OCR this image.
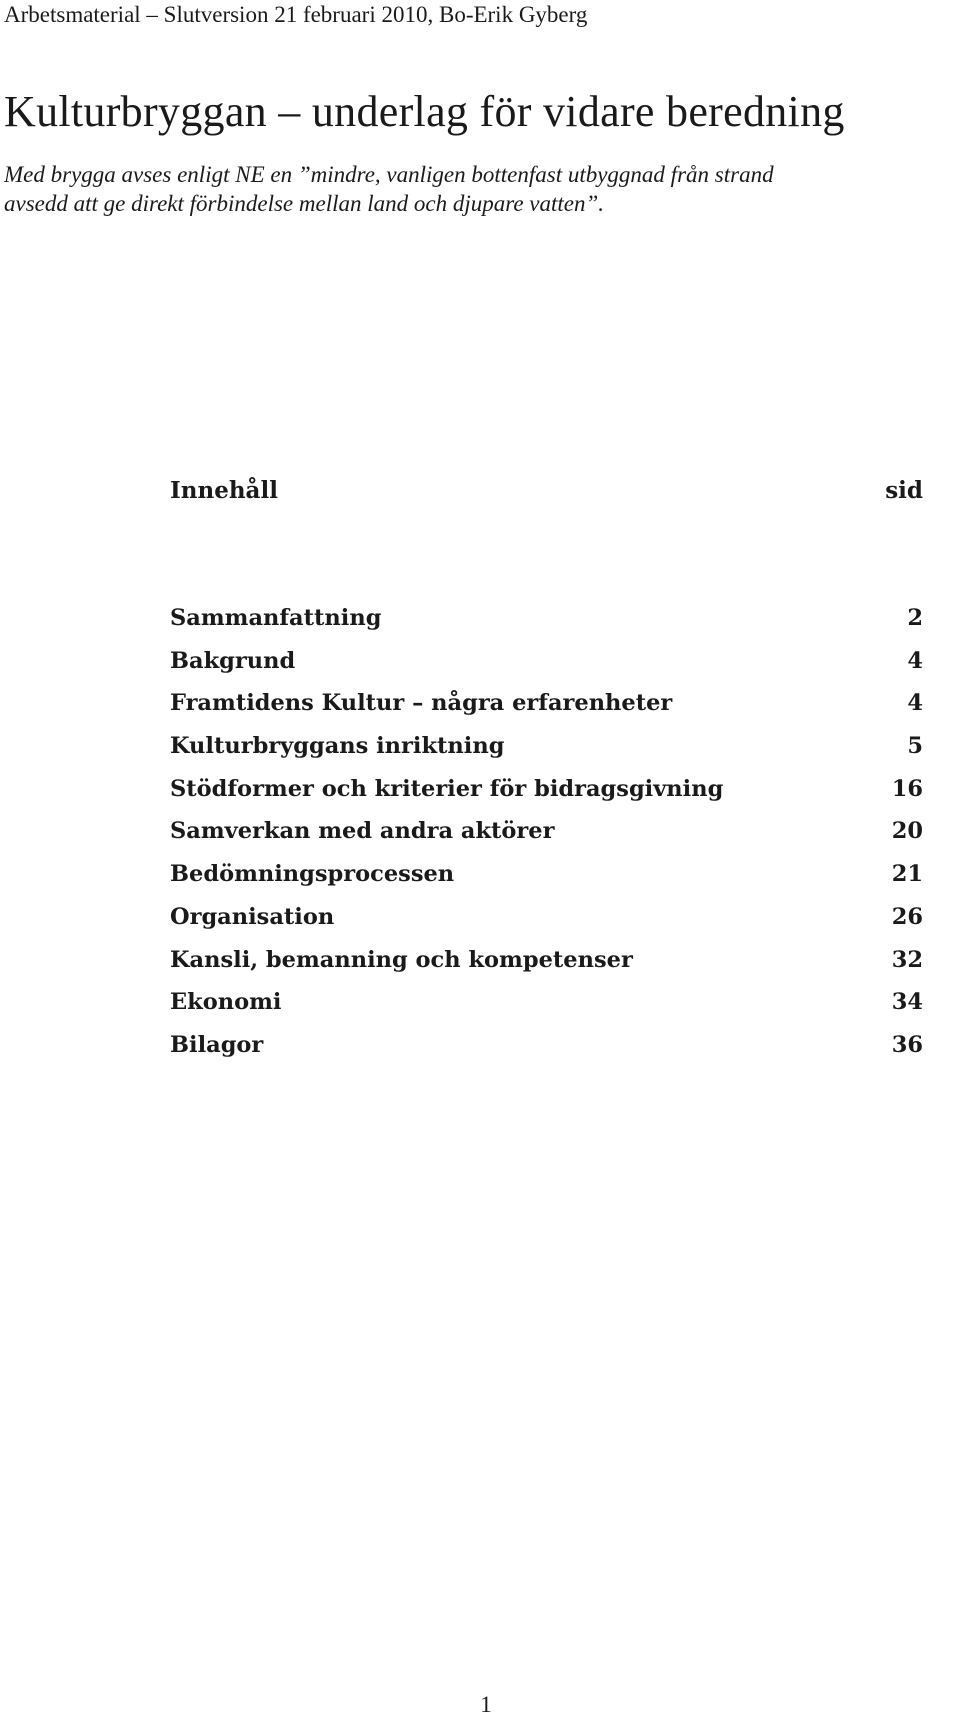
Arbetsmaterial – Slutversion 21 februari 2010, Bo-Erik Gyberg
Kulturbryggan – underlag för vidare beredning
Med brygga avses enligt NE en ”mindre, vanligen bottenfast utbyggnad från strand
avsedd att ge direkt förbindelse mellan land och djupare vatten”.
Innehåll	sid
Sammanfattning	2
Bakgrund	4
Framtidens Kultur – några erfarenheter	4
Kulturbryggans inriktning	5
Stödformer och kriterier för bidragsgivning	16
Samverkan med andra aktörer	20
Bedömningsprocessen	21
Organisation	26
Kansli, bemanning och kompetenser	32
Ekonomi	34
Bilagor	36
1
